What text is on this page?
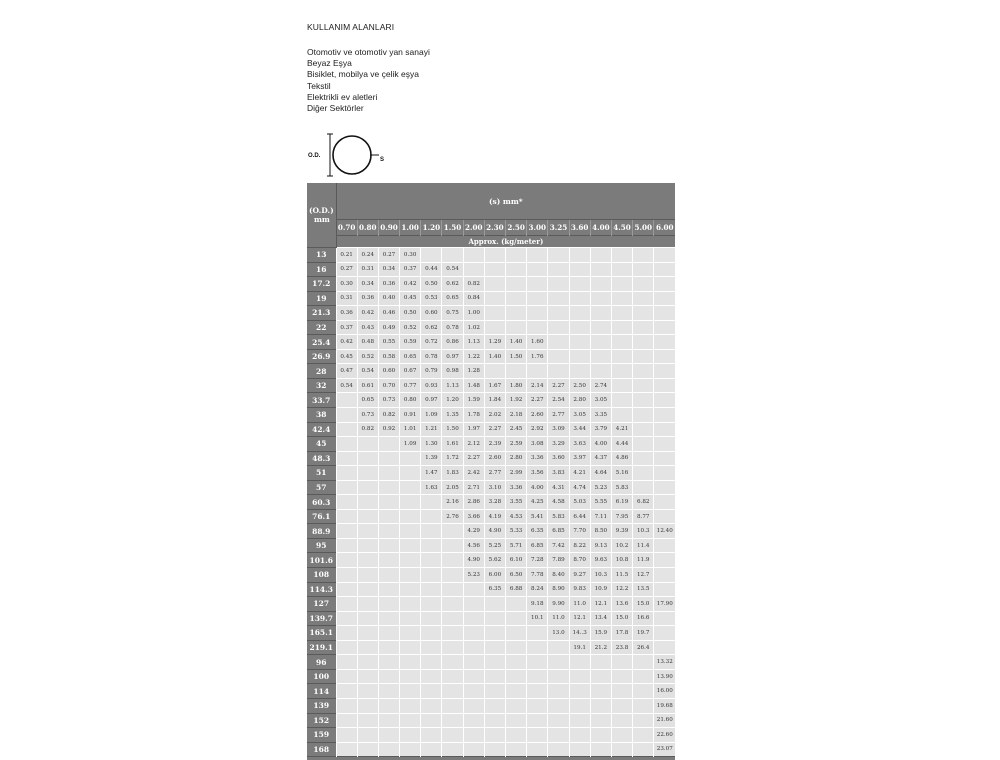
KULLANIM ALANLARI

Otomotiv ve otomotiv yan sanayi
Beyaz Eşya
Bisiklet, mobilya ve çelik eşya
Tekstil
Elektrikli ev aletleri
Diğer Sektörler
O.D.
S
(O.D.)
mm	(s) mm*															
	0.70	0.80	0.90	1.00	1.20	1.50	2.00	2.30	2.50	3.00	3.25	3.60	4.00	4.50	5.00	6.00
	Approx. (kg/meter)															
13	0.21	0.24	0.27	0.30												
16	0.27	0.31	0.34	0.37	0.44	0.54										
17.2	0.30	0.34	0.36	0.42	0.50	0.62	0.82									
19	0.31	0.36	0.40	0.45	0.53	0.65	0.84									
21.3	0.36	0.42	0.46	0.50	0.60	0.75	1.00									
22	0.37	0.43	0.49	0.52	0.62	0.78	1.02									
25.4	0.42	0.48	0.55	0.59	0.72	0.86	1.13	1.29	1.40	1.60						
26.9	0.45	0.52	0.58	0.65	0.78	0.97	1.22	1.40	1.50	1.76						
28	0.47	0.54	0.60	0.67	0.79	0.98	1.28									
32	0.54	0.61	0.70	0.77	0.93	1.13	1.48	1.67	1.80	2.14	2.27	2.50	2.74			
33.7		0.65	0.73	0.80	0.97	1.20	1.59	1.84	1.92	2.27	2.54	2.80	3.05			
38		0.73	0.82	0.91	1.09	1.35	1.78	2.02	2.18	2.60	2.77	3.05	3.35			
42.4		0.82	0.92	1.01	1.21	1.50	1.97	2.27	2.45	2.92	3.09	3.44	3.79	4.21		
45				1.09	1.30	1.61	2.12	2.39	2.59	3.08	3.29	3.63	4.00	4.44		
48.3					1.39	1.72	2.27	2.60	2.80	3.36	3.60	3.97	4.37	4.86		
51					1.47	1.83	2.42	2.77	2.99	3.56	3.83	4.21	4.64	5.16		
57					1.63	2.05	2.71	3.10	3.36	4.00	4.31	4.74	5.23	5.83		
60.3						2.16	2.86	3.28	3.55	4.25	4.58	5.03	5.55	6.19	6.82	
76.1						2.76	3.66	4.19	4.53	5.41	5.83	6.44	7.11	7.95	8.77	
88.9							4.29	4.90	5.33	6.35	6.85	7.70	8.50	9.39	10.3	12.40
95							4.56	5.25	5.71	6.85	7.42	8.22	9.13	10.2	11.4	
101.6							4.90	5.62	6.10	7.28	7.89	8.70	9.63	10.8	11.9	
108							5.23	6.00	6.50	7.78	8.40	9.27	10.3	11.5	12.7	
114.3								6.35	6.88	8.24	8.90	9.83	10.9	12.2	13.5	
127										9.18	9.90	11.0	12.1	13.6	15.0	17.90
139.7										10.1	11.0	12.1	13.4	15.0	16.6	
165.1											13.0	14..3	15.9	17.8	19.7	
219.1												19.1	21.2	23.8	26.4	
96																13.32
100																13.90
114																16.00
139																19.68
152																21.60
159																22.60
168																23.07
